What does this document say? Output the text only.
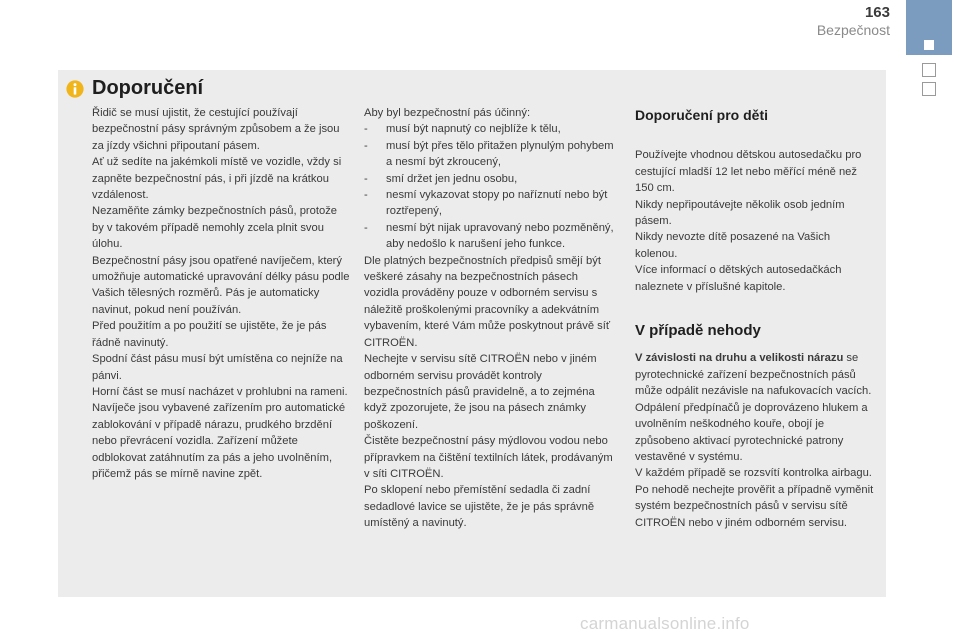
163
Bezpečnost
Doporučení

Řidič se musí ujistit, že cestující používají bezpečnostní pásy správným způsobem a že jsou za jízdy všichni připoutaní pásem.

Ať už sedíte na jakémkoli místě ve vozidle, vždy si zapněte bezpečnostní pás, i při jízdě na krátkou vzdálenost.

Nezaměňte zámky bezpečnostních pásů, protože by v takovém případě nemohly zcela plnit svou úlohu.

Bezpečnostní pásy jsou opatřené navíječem, který umožňuje automatické upravování délky pásu podle Vašich tělesných rozměrů. Pás je automaticky navinut, pokud není používán.

Před použitím a po použití se ujistěte, že je pás řádně navinutý.

Spodní část pásu musí být umístěna co nejníže na pánvi.

Horní část se musí nacházet v prohlubni na rameni.

Navíječe jsou vybavené zařízením pro automatické zablokování v případě nárazu, prudkého brzdění nebo převrácení vozidla. Zařízení můžete odblokovat zatáhnutím za pás a jeho uvolněním, přičemž pás se mírně navine zpět.

Aby byl bezpečnostní pás účinný:

-	musí být napnutý co nejblíže k tělu,
-	musí být přes tělo přitažen plynulým pohybem a nesmí být zkroucený,
-	smí držet jen jednu osobu,
-	nesmí vykazovat stopy po naříznutí nebo být roztřepený,
-	nesmí být nijak upravovaný nebo pozměněný, aby nedošlo k narušení jeho funkce.

Dle platných bezpečnostních předpisů smějí být veškeré zásahy na bezpečnostních pásech vozidla prováděny pouze v odborném servisu s náležitě proškolenými pracovníky a adekvátním vybavením, které Vám může poskytnout právě síť CITROËN.

Nechejte v servisu sítě CITROËN nebo v jiném odborném servisu provádět kontroly bezpečnostních pásů pravidelně, a to zejména když zpozorujete, že jsou na pásech známky poškození.

Čistěte bezpečnostní pásy mýdlovou vodou nebo přípravkem na čištění textilních látek, prodávaným v síti CITROËN.

Po sklopení nebo přemístění sedadla či zadní sedadlové lavice se ujistěte, že je pás správně umístěný a navinutý.

Doporučení pro děti

Používejte vhodnou dětskou autosedačku pro cestující mladší 12 let nebo měřící méně než 150 cm.

Nikdy nepřipoutávejte několik osob jedním pásem.

Nikdy nevozte dítě posazené na Vašich kolenou.

Více informací o dětských autosedačkách naleznete v příslušné kapitole.

V případě nehody

V závislosti na druhu a velikosti nárazu se pyrotechnické zařízení bezpečnostních pásů může odpálit nezávisle na nafukovacích vacích. Odpálení předpínačů je doprovázeno hlukem a uvolněním neškodného kouře, obojí je způsobeno aktivací pyrotechnické patrony vestavěné v systému.

V každém případě se rozsvítí kontrolka airbagu.

Po nehodě nechejte prověřit a případně vyměnit systém bezpečnostních pásů v servisu sítě CITROËN nebo v jiném odborném servisu.

carmanualsonline.info
